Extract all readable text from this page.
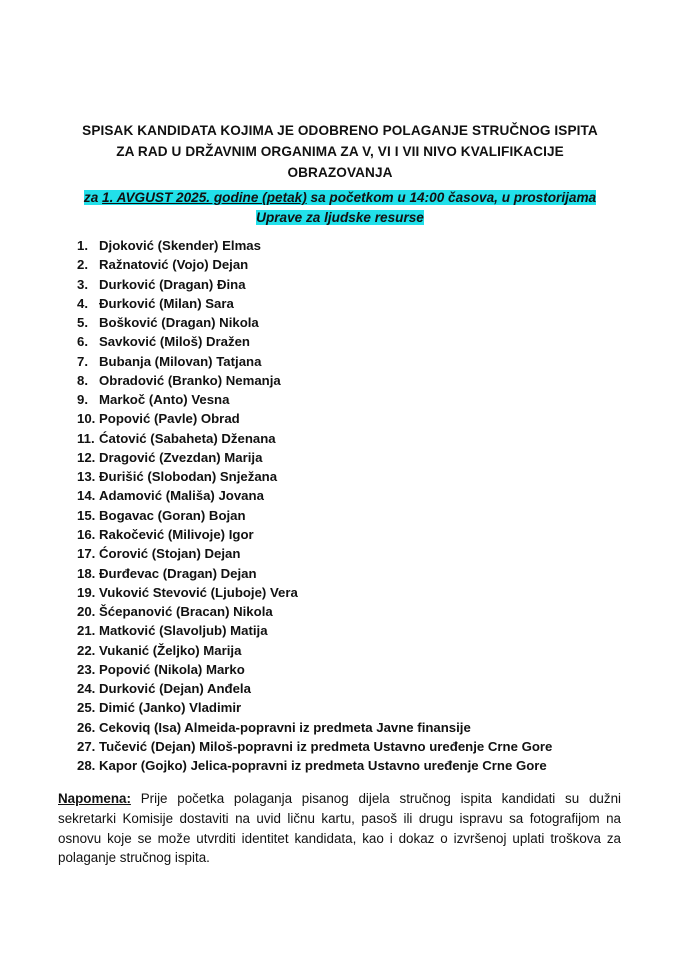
SPISAK KANDIDATA KOJIMA JE ODOBRENO POLAGANJE STRUČNOG ISPITA
ZA RAD U DRŽAVNIM ORGANIMA ZA V, VI I VII NIVO KVALIFIKACIJE
OBRAZOVANJA
za 1. AVGUST 2025. godine (petak) sa početkom u 14:00 časova, u prostorijama
Uprave za ljudske resurse
1. Djoković (Skender) Elmas
2. Ražnatović (Vojo) Dejan
3. Durković (Dragan) Đina
4. Đurković (Milan) Sara
5. Bošković (Dragan) Nikola
6. Savković (Miloš) Dražen
7. Bubanja (Milovan) Tatjana
8. Obradović (Branko) Nemanja
9. Markoč (Anto) Vesna
10. Popović (Pavle) Obrad
11. Ćatović (Sabaheta) Dženana
12. Dragović (Zvezdan) Marija
13. Đurišić (Slobodan) Snježana
14. Adamović (Mališa) Jovana
15. Bogavac (Goran) Bojan
16. Rakočević (Milivoje) Igor
17. Ćorović (Stojan) Dejan
18. Đurđevac (Dragan) Dejan
19. Vuković Stevović (Ljuboje) Vera
20. Šćepanović (Bracan) Nikola
21. Matković (Slavoljub) Matija
22. Vukanić (Željko) Marija
23. Popović (Nikola) Marko
24. Durković (Dejan) Anđela
25. Dimić (Janko) Vladimir
26. Cekoviq (Isa) Almeida-popravni iz predmeta Javne finansije
27. Tučević (Dejan) Miloš-popravni iz predmeta Ustavno uređenje Crne Gore
28. Kapor (Gojko) Jelica-popravni iz predmeta Ustavno uređenje Crne Gore
Napomena: Prije početka polaganja pisanog dijela stručnog ispita kandidati su dužni sekretarki Komisije dostaviti na uvid ličnu kartu, pasoš ili drugu ispravu sa fotografijom na osnovu koje se može utvrditi identitet kandidata, kao i dokaz o izvršenoj uplati troškova za polaganje stručnog ispita.
